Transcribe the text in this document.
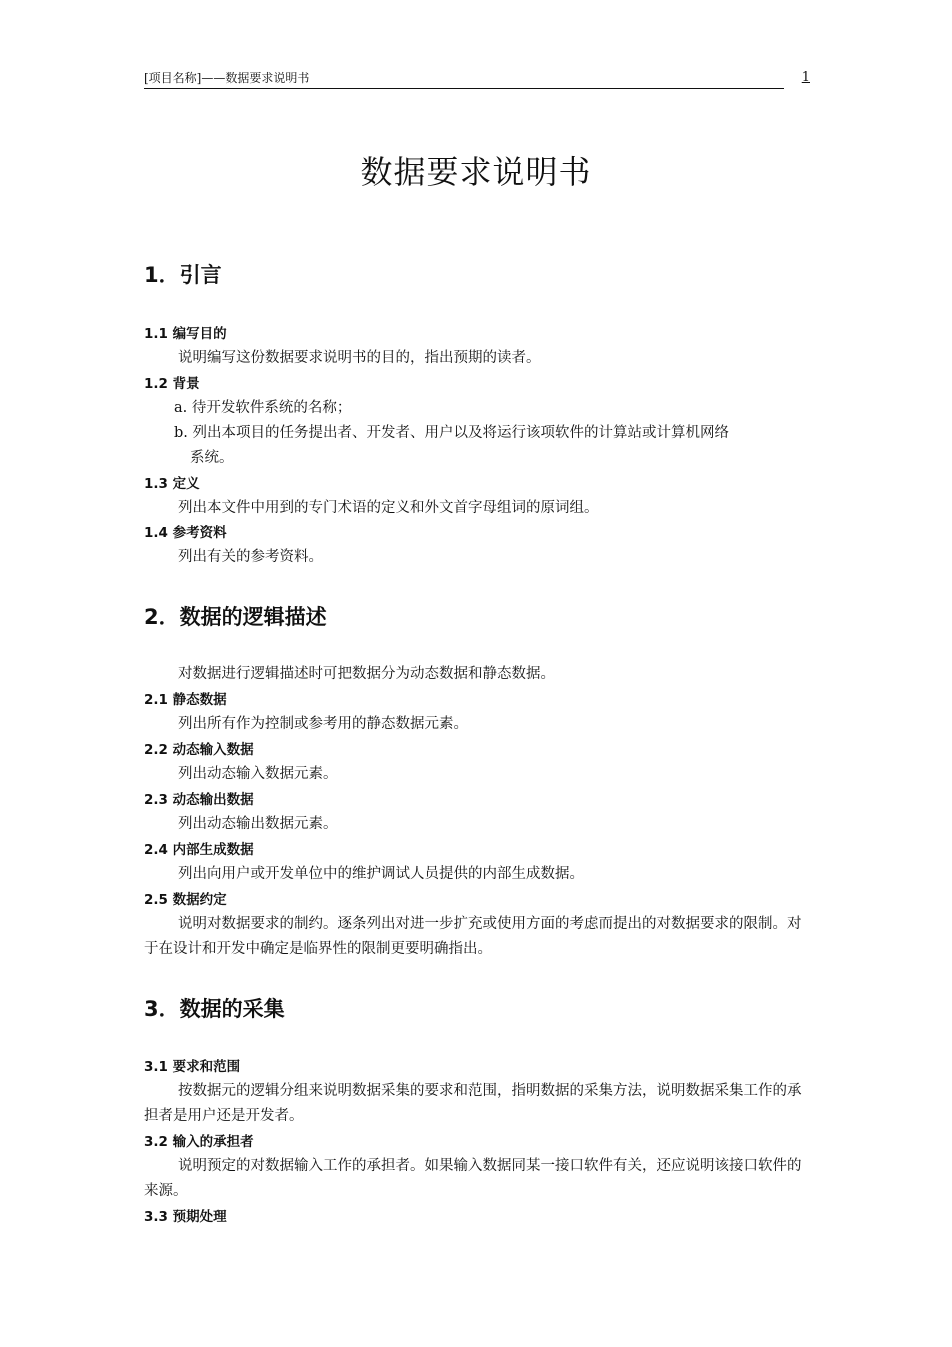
[项目名称]——数据要求说明书	1
数据要求说明书
1．引言
1.1 编写目的
说明编写这份数据要求说明书的目的，指出预期的读者。
1.2 背景
a. 待开发软件系统的名称；
b. 列出本项目的任务提出者、开发者、用户以及将运行该项软件的计算站或计算机网络
系统。
1.3 定义
列出本文件中用到的专门术语的定义和外文首字母组词的原词组。
1.4 参考资料
列出有关的参考资料。
2．数据的逻辑描述
对数据进行逻辑描述时可把数据分为动态数据和静态数据。
2.1 静态数据
列出所有作为控制或参考用的静态数据元素。
2.2 动态输入数据
列出动态输入数据元素。
2.3 动态输出数据
列出动态输出数据元素。
2.4 内部生成数据
列出向用户或开发单位中的维护调试人员提供的内部生成数据。
2.5 数据约定
说明对数据要求的制约。逐条列出对进一步扩充或使用方面的考虑而提出的对数据要求的限制。对于在设计和开发中确定是临界性的限制更要明确指出。
3．数据的采集
3.1 要求和范围
按数据元的逻辑分组来说明数据采集的要求和范围，指明数据的采集方法，说明数据采集工作的承担者是用户还是开发者。
3.2 输入的承担者
说明预定的对数据输入工作的承担者。如果输入数据同某一接口软件有关，还应说明该接口软件的来源。
3.3 预期处理
